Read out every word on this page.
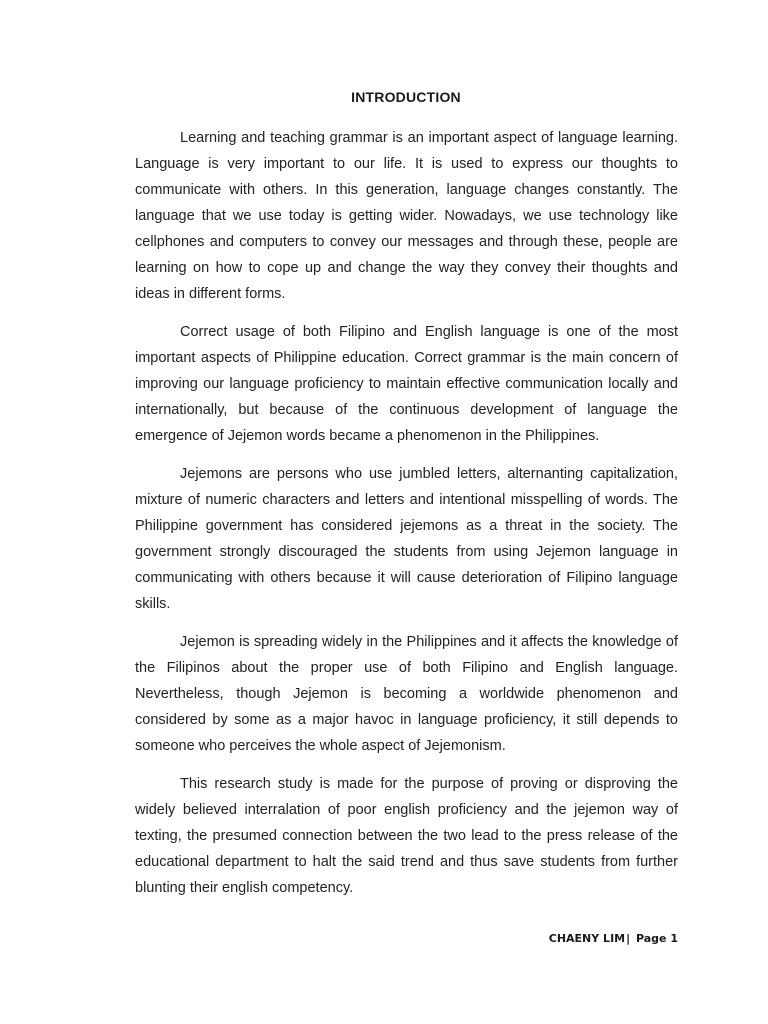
INTRODUCTION

Learning and teaching grammar is an important aspect of language learning. Language is very important to our life. It is used to express our thoughts to communicate with others. In this generation, language changes constantly. The language that we use today is getting wider. Nowadays, we use technology like cellphones and computers to convey our messages and through these, people are learning on how to cope up and change the way they convey their thoughts and ideas in different forms.

Correct usage of both Filipino and English language is one of the most important aspects of Philippine education. Correct grammar is the main concern of improving our language proficiency to maintain effective communication locally and internationally, but because of the continuous development of language the emergence of Jejemon words became a phenomenon in the Philippines.

Jejemons are persons who use jumbled letters, alternanting capitalization, mixture of numeric characters and letters and intentional misspelling of words. The Philippine government has considered jejemons as a threat in the society. The government strongly discouraged the students from using Jejemon language in communicating with others because it will cause deterioration of Filipino language skills.

Jejemon is spreading widely in the Philippines and it affects the knowledge of the Filipinos about the proper use of both Filipino and English language. Nevertheless, though Jejemon is becoming a worldwide phenomenon and considered by some as a major havoc in language proficiency, it still depends to someone who perceives the whole aspect of Jejemonism.

This research study is made for the purpose of proving or disproving the widely believed interralation of poor english proficiency and the jejemon way of texting, the presumed connection between the two lead to the press release of the educational department to halt the said trend and thus save students from further blunting their english competency.

CHAENY LIM| Page 1
